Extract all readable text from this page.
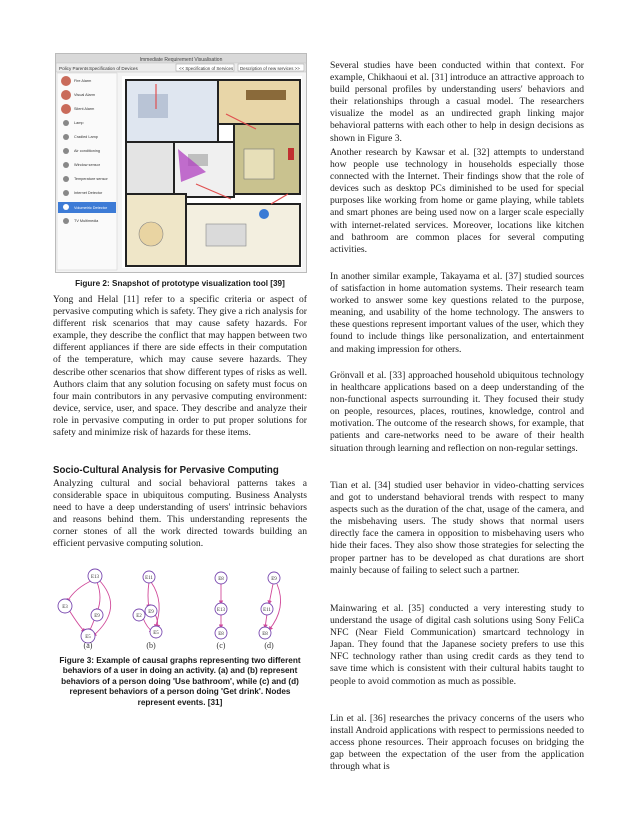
Immediate Requirement Visualisation
Policy Parents Specification of Devices	<< Specification of Services Description of new services >>
Fire Alarm
Visual Alarm
Silent Alarm
Lamp
Cradled Lamp
Air conditioning
Window sensor
Temperature sensor
Internet Detector
Volumetric Detector
TV Multimedia

Figure 2: Snapshot of prototype visualization tool [39]

Yong and Helal [11] refer to a specific criteria or aspect of pervasive computing which is safety. They give a rich analysis for different risk scenarios that may cause safety hazards. For example, they describe the conflict that may happen between two different appliances if there are side effects in their computation of the temperature, which may cause severe hazards. They describe other scenarios that show different types of risks as well. Authors claim that any solution focusing on safety must focus on four main contributors in any pervasive computing environment: device, service, user, and space. They describe and analyze their role in pervasive computing in order to put proper solutions for safety and minimize risk of hazards for these items.

Socio-Cultural Analysis for Pervasive Computing

Analyzing cultural and social behavioral patterns takes a considerable space in ubiquitous computing. Business Analysts need to have a deep understanding of users' intrinsic behaviors and reasons behind them. This understanding represents the corner stones of all the work directed towards building an efficient pervasive computing solution.

E13
E3
E9
E5
E11
E9
E2
E5
E8
E13
E8
E9
E11
E8
(a)	(b)	(c)	(d)

Figure 3: Example of causal graphs representing two different behaviors of a user in doing an activity. (a) and (b) represent behaviors of a person doing 'Use bathroom', while (c) and (d) represent behaviors of a person doing 'Get drink'. Nodes represent events. [31]

Several studies have been conducted within that context. For example, Chikhaoui et al. [31] introduce an attractive approach to build personal profiles by understanding users' behaviors and their relationships through a casual model. The researchers visualize the model as an undirected graph linking major behavioral patterns with each other to help in design decisions as shown in Figure 3.

Another research by Kawsar et al. [32] attempts to understand how people use technology in households especially those connected with the Internet. Their findings show that the role of devices such as desktop PCs diminished to be used for special purposes like working from home or game playing, while tablets and smart phones are being used now on a larger scale especially with internet-related services. Moreover, locations like kitchen and bathroom are common places for several computing activities.

In another similar example, Takayama et al. [37] studied sources of satisfaction in home automation systems. Their research team worked to answer some key questions related to the purpose, meaning, and usability of the home technology. The answers to these questions represent important values of the user, which they found to include things like personalization, and entertainment and making impression for others.

Grönvall et al. [33] approached household ubiquitous technology in healthcare applications based on a deep understanding of the non-functional aspects surrounding it. They focused their study on people, resources, places, routines, knowledge, control and motivation. The outcome of the research shows, for example, that patients and care-networks need to be aware of their health situation through learning and reflection on non-regular settings.

Tian et al. [34] studied user behavior in video-chatting services and got to understand behavioral trends with respect to many aspects such as the duration of the chat, usage of the camera, and the misbehaving users. The study shows that normal users directly face the camera in opposition to misbehaving users who hide their faces. They also show those strategies for selecting the proper partner has to be developed as chat durations are short mainly because of failing to select such a partner.

Mainwaring et al. [35] conducted a very interesting study to understand the usage of digital cash solutions using Sony FeliCa NFC (Near Field Communication) smartcard technology in Japan. They found that the Japanese society prefers to use this NFC technology rather than using credit cards as they tend to save time which is consistent with their cultural habits taught to people to avoid commotion as much as possible.

Lin et al. [36] researches the privacy concerns of the users who install Android applications with respect to permissions needed to access phone resources. Their approach focuses on bridging the gap between the expectation of the user from the application through what is
